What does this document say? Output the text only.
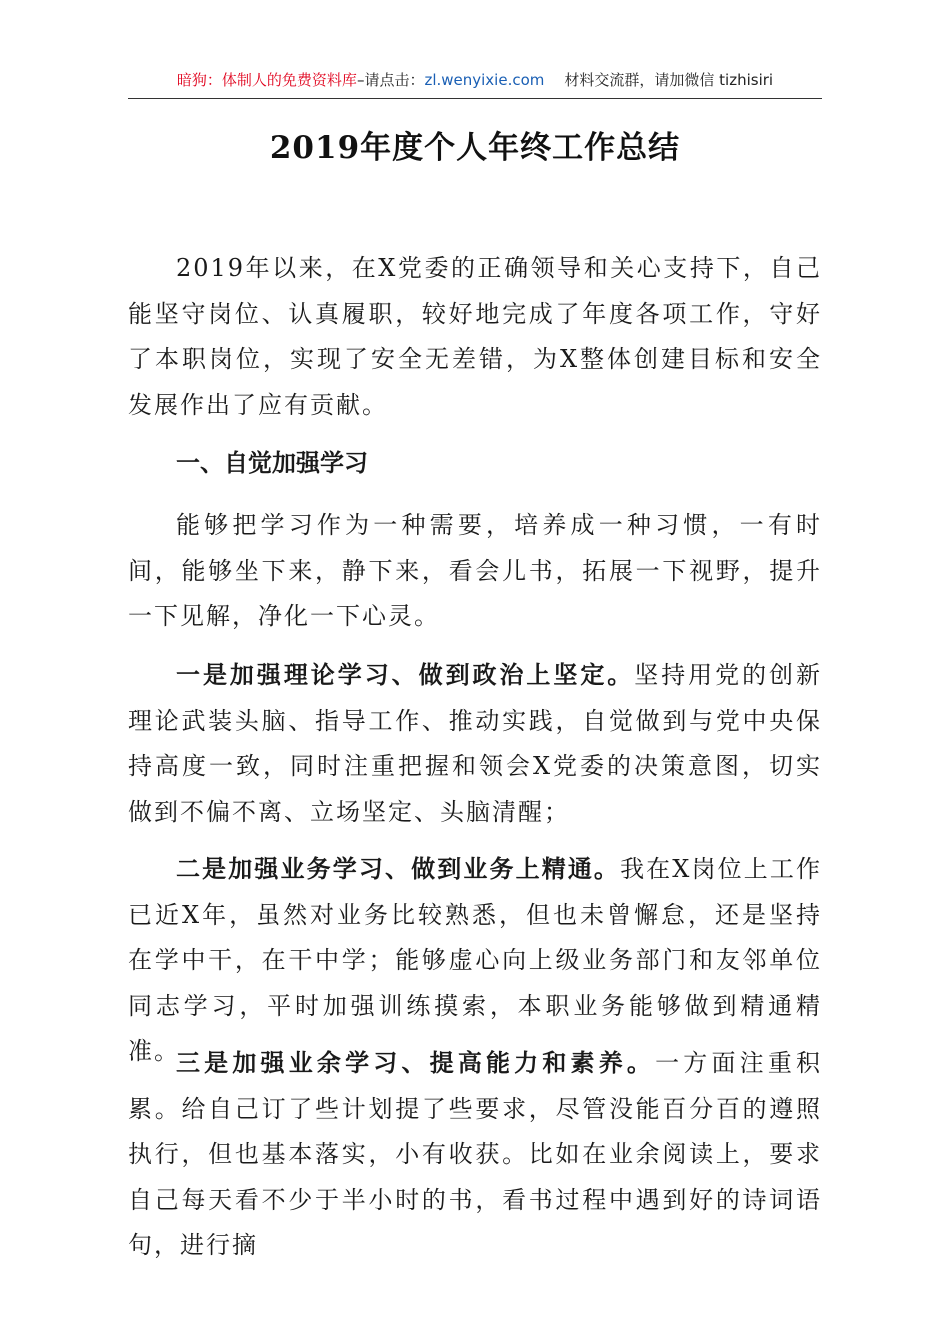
暗狗：体制人的免费资料库–请点击：zl.wenyixie.com 材料交流群，请加微信 tizhisiri
2019年度个人年终工作总结

2019年以来，在X党委的正确领导和关心支持下，自己能坚守岗位、认真履职，较好地完成了年度各项工作，守好了本职岗位，实现了安全无差错，为X整体创建目标和安全发展作出了应有贡献。

一、自觉加强学习

能够把学习作为一种需要，培养成一种习惯，一有时间，能够坐下来，静下来，看会儿书，拓展一下视野，提升一下见解，净化一下心灵。

一是加强理论学习、做到政治上坚定。坚持用党的创新理论武装头脑、指导工作、推动实践，自觉做到与党中央保持高度一致，同时注重把握和领会X党委的决策意图，切实做到不偏不离、立场坚定、头脑清醒；

二是加强业务学习、做到业务上精通。我在X岗位上工作已近X年，虽然对业务比较熟悉，但也未曾懈怠，还是坚持在学中干，在干中学；能够虚心向上级业务部门和友邻单位同志学习，平时加强训练摸索，本职业务能够做到精通精准。

三是加强业余学习、提高能力和素养。一方面注重积累。给自己订了些计划提了些要求，尽管没能百分百的遵照执行，但也基本落实，小有收获。比如在业余阅读上，要求自己每天看不少于半小时的书，看书过程中遇到好的诗词语句，进行摘
